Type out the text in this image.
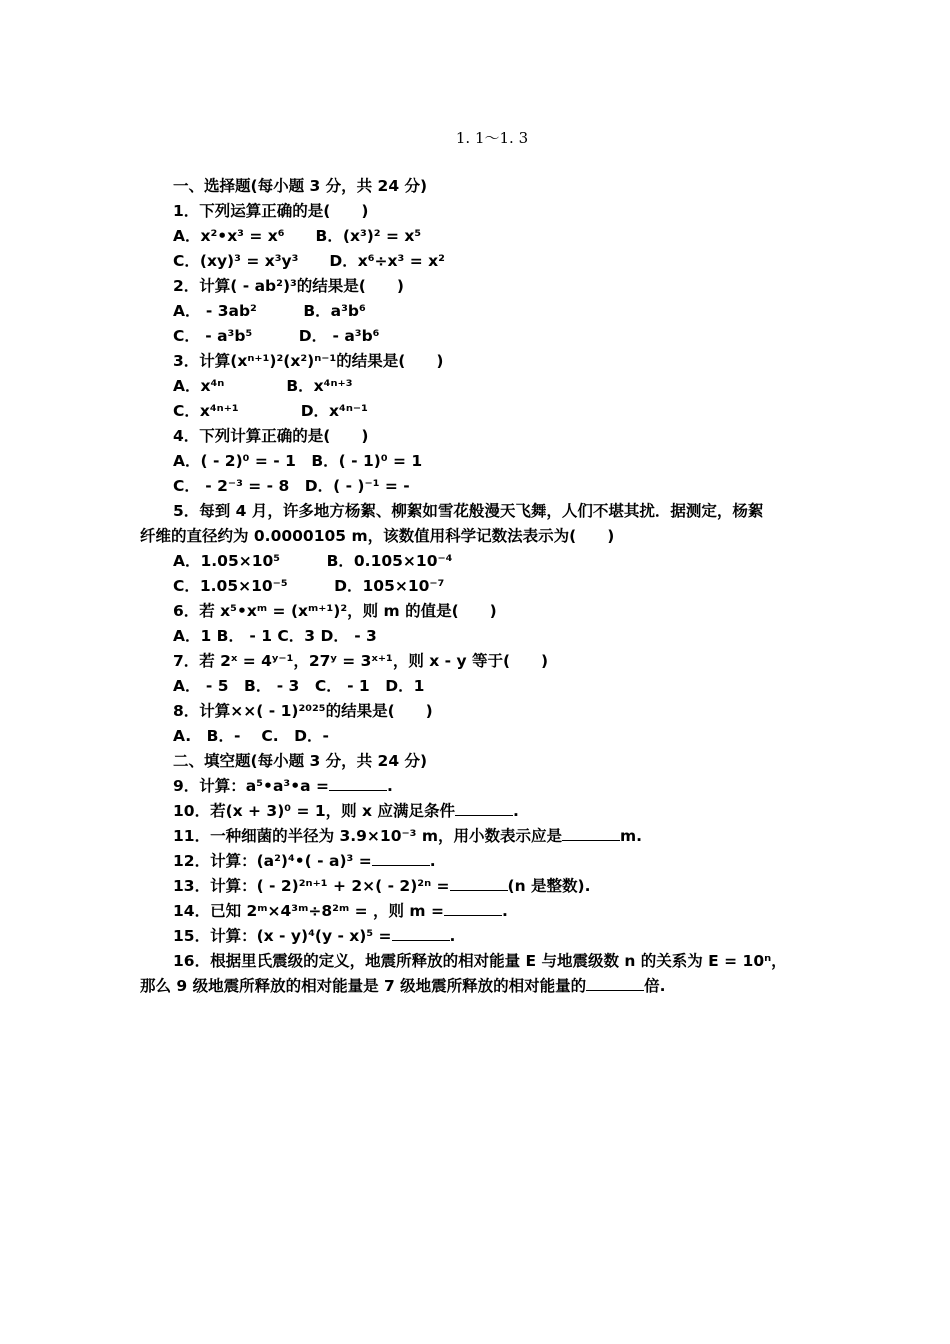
1. 1～1. 3
一、选择题(每小题 3 分，共 24 分)
1．下列运算正确的是(　　)
A．x²•x³ = x⁶　　B．(x³)² = x⁵
C．(xy)³ = x³y³　　D．x⁶÷x³ = x²
2．计算( - ab²)³的结果是(　　)
A． - 3ab²　　　B．a³b⁶
C． - a³b⁵　　　D． - a³b⁶
3．计算(xⁿ⁺¹)²(x²)ⁿ⁻¹的结果是(　　)
A．x⁴ⁿ　　　　B．x⁴ⁿ⁺³
C．x⁴ⁿ⁺¹　　　　D．x⁴ⁿ⁻¹
4．下列计算正确的是(　　)
A．( - 2)⁰ = - 1　B．( - 1)⁰ = 1
C． - 2⁻³ = - 8　D．( - )⁻¹ = -
5．每到 4 月，许多地方杨絮、柳絮如雪花般漫天飞舞，人们不堪其扰．据测定，杨絮
纤维的直径约为 0.0000105 m，该数值用科学记数法表示为(　　)
A．1.05×10⁵　　　B．0.105×10⁻⁴
C．1.05×10⁻⁵　　　D．105×10⁻⁷
6．若 x⁵•xᵐ = (xᵐ⁺¹)²，则 m 的值是(　　)
A．1 B． - 1 C．3 D． - 3
7．若 2ˣ = 4ʸ⁻¹，27ʸ = 3ˣ⁺¹，则 x - y 等于(　　)
A． - 5　B． - 3　C． - 1　D．1
8．计算××( - 1)²⁰²⁵的结果是(　　)
A.　B．-　 C.　D．-
二、填空题(每小题 3 分，共 24 分)
9．计算：a⁵•a³•a =	.
10．若(x + 3)⁰ = 1，则 x 应满足条件	.
11．一种细菌的半径为 3.9×10⁻³ m，用小数表示应是	m.
12．计算：(a²)⁴•( - a)³ =	.
13．计算：( - 2)²ⁿ⁺¹ + 2×( - 2)²ⁿ =	(n 是整数).
14．已知 2ᵐ×4³ᵐ÷8²ᵐ = ，则 m =	.
15．计算：(x - y)⁴(y - x)⁵ =	.
16．根据里氏震级的定义，地震所释放的相对能量 E 与地震级数 n 的关系为 E = 10ⁿ，
那么 9 级地震所释放的相对能量是 7 级地震所释放的相对能量的	倍.
